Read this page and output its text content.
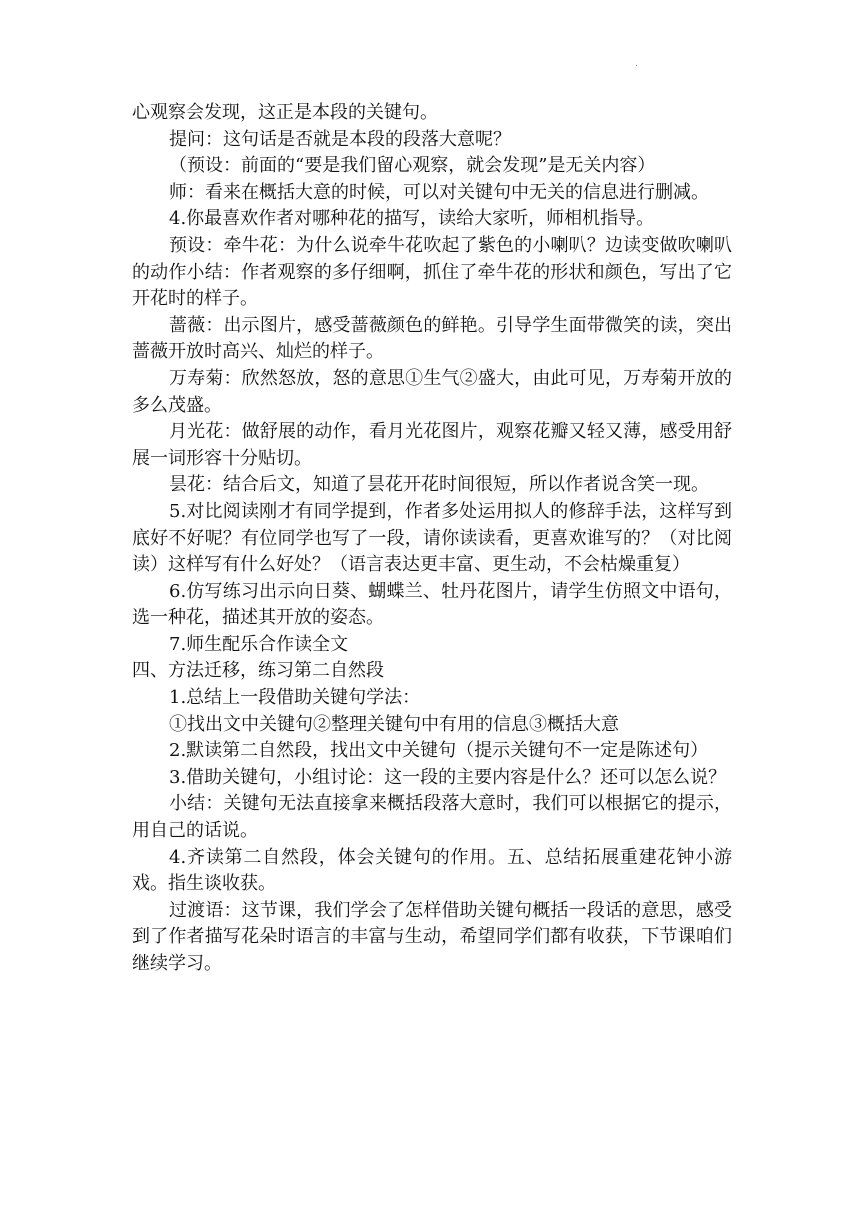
.

心观察会发现，这正是本段的关键句。

提问：这句话是否就是本段的段落大意呢？

（预设：前面的“要是我们留心观察，就会发现”是无关内容）

师：看来在概括大意的时候，可以对关键句中无关的信息进行删减。

4.你最喜欢作者对哪种花的描写，读给大家听，师相机指导。

预设：牵牛花：为什么说牵牛花吹起了紫色的小喇叭？边读变做吹喇叭的动作小结：作者观察的多仔细啊，抓住了牵牛花的形状和颜色，写出了它开花时的样子。

蔷薇：出示图片，感受蔷薇颜色的鲜艳。引导学生面带微笑的读，突出蔷薇开放时高兴、灿烂的样子。

万寿菊：欣然怒放，怒的意思①生气②盛大，由此可见，万寿菊开放的多么茂盛。

月光花：做舒展的动作，看月光花图片，观察花瓣又轻又薄，感受用舒展一词形容十分贴切。

昙花：结合后文，知道了昙花开花时间很短，所以作者说含笑一现。

5.对比阅读刚才有同学提到，作者多处运用拟人的修辞手法，这样写到底好不好呢？有位同学也写了一段，请你读读看，更喜欢谁写的？（对比阅读）这样写有什么好处？（语言表达更丰富、更生动，不会枯燥重复）

6.仿写练习出示向日葵、蝴蝶兰、牡丹花图片，请学生仿照文中语句，选一种花，描述其开放的姿态。

7.师生配乐合作读全文

四、方法迁移，练习第二自然段

1.总结上一段借助关键句学法：

①找出文中关键句②整理关键句中有用的信息③概括大意

2.默读第二自然段，找出文中关键句（提示关键句不一定是陈述句）

3.借助关键句，小组讨论：这一段的主要内容是什么？还可以怎么说？

小结：关键句无法直接拿来概括段落大意时，我们可以根据它的提示，用自己的话说。

4.齐读第二自然段，体会关键句的作用。五、总结拓展重建花钟小游戏。指生谈收获。

过渡语：这节课，我们学会了怎样借助关键句概括一段话的意思，感受到了作者描写花朵时语言的丰富与生动，希望同学们都有收获，下节课咱们继续学习。
